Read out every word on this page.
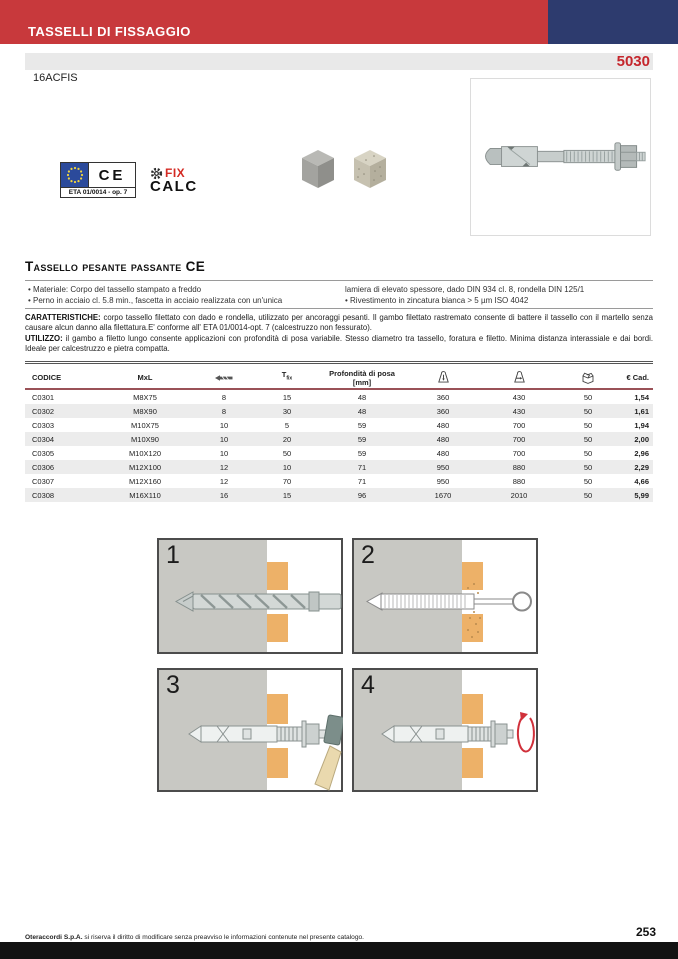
TASSELLI DI FISSAGGIO
5030
16ACFIS
CE
ETA 01/0014 - op. 7
FIX
CALC
Tassello pesante passante CE
• Materiale: Corpo del tassello stampato a freddo
• Perno in acciaio cl. 5.8 min., fascetta in acciaio realizzata con un'unica
lamiera di elevato spessore, dado DIN 934 cl. 8, rondella DIN 125/1
• Rivestimento in zincatura bianca > 5 µm ISO 4042
CARATTERISTICHE: corpo tassello filettato con dado e rondella, utilizzato per ancoraggi pesanti. Il gambo filettato rastremato consente di battere il tassello con il martello senza causare alcun danno alla filettatura.E' conforme all' ETA 01/0014-opt. 7 (calcestruzzo non fessurato).
UTILIZZO: il gambo a filetto lungo consente applicazioni con profondità di posa variabile. Stesso diametro tra tassello, foratura e filetto. Minima distanza interassiale e dai bordi. Ideale per calcestruzzo e pietra compatta.
CODICE	MxL		$T_{fix}$	Profondità di posa [mm]				€ Cad.
C0301	M8X75	8	15	48	360	430	50	1,54
C0302	M8X90	8	30	48	360	430	50	1,61
C0303	M10X75	10	5	59	480	700	50	1,94
C0304	M10X90	10	20	59	480	700	50	2,00
C0305	M10X120	10	50	59	480	700	50	2,96
C0306	M12X100	12	10	71	950	880	50	2,29
C0307	M12X160	12	70	71	950	880	50	4,66
C0308	M16X110	16	15	96	1670	2010	50	5,99
1	2
3	4
Oteraccordi S.p.A. si riserva il diritto di modificare senza preavviso le informazioni contenute nel presente catalogo.	253
